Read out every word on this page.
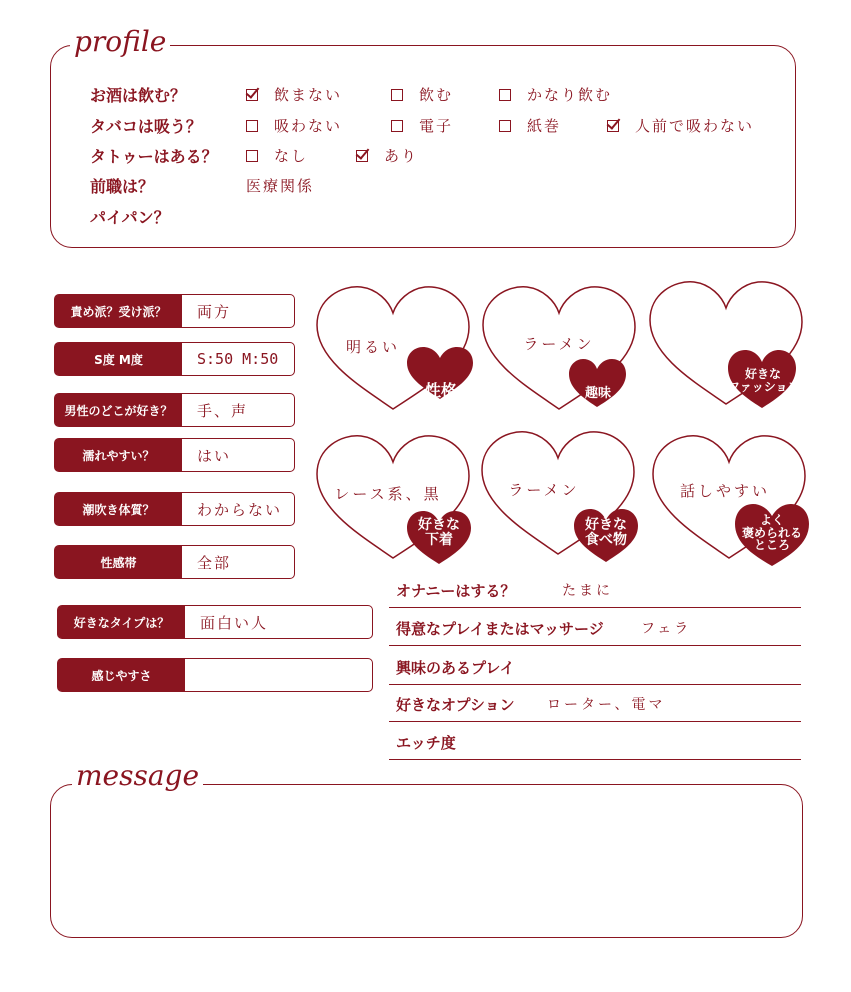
profile
お酒は飲む？	飲まない	飲む	かなり飲む
タバコは吸う？	吸わない	電子	紙巻	人前で吸わない
タトゥーはある？	なし	あり
前職は？	医療関係
パイパン？
責め派？受け派？	両方
S度 M度	S:50 M:50
男性のどこが好き？	手、声
濡れやすい？	はい
潮吹き体質？	わからない
性感帯	全部
好きなタイプは？	面白い人
感じやすさ
明るい
性格
ラーメン
趣味
好きな
ファッション
レース系、黒
好きな
下着
ラーメン
好きな
食べ物
話しやすい
よく
褒められる
ところ
オナニーはする？	たまに
得意なプレイまたはマッサージ	フェラ
興味のあるプレイ
好きなオプション ローター、電マ
エッチ度
message
